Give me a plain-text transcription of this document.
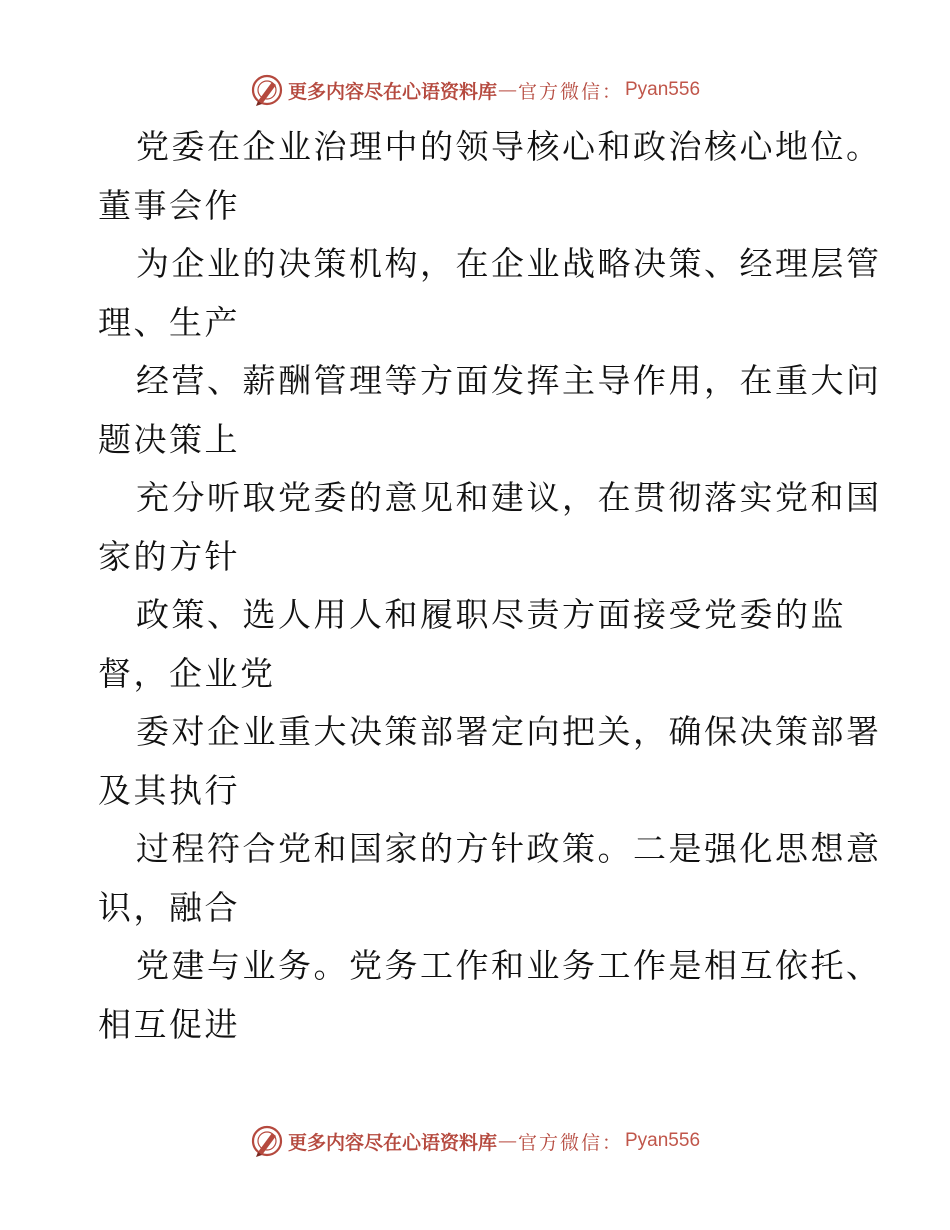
更多内容尽在心语资料库 — 官方微信： Pyan556
党委在企业治理中的领导核心和政治核心地位。
董事会作
为企业的决策机构，在企业战略决策、经理层管
理、生产
经营、薪酬管理等方面发挥主导作用，在重大问
题决策上
充分听取党委的意见和建议，在贯彻落实党和国
家的方针
政策、选人用人和履职尽责方面接受党委的监
督，企业党
委对企业重大决策部署定向把关，确保决策部署
及其执行
过程符合党和国家的方针政策。二是强化思想意
识，融合
党建与业务。党务工作和业务工作是相互依托、
相互促进
更多内容尽在心语资料库 — 官方微信： Pyan556
